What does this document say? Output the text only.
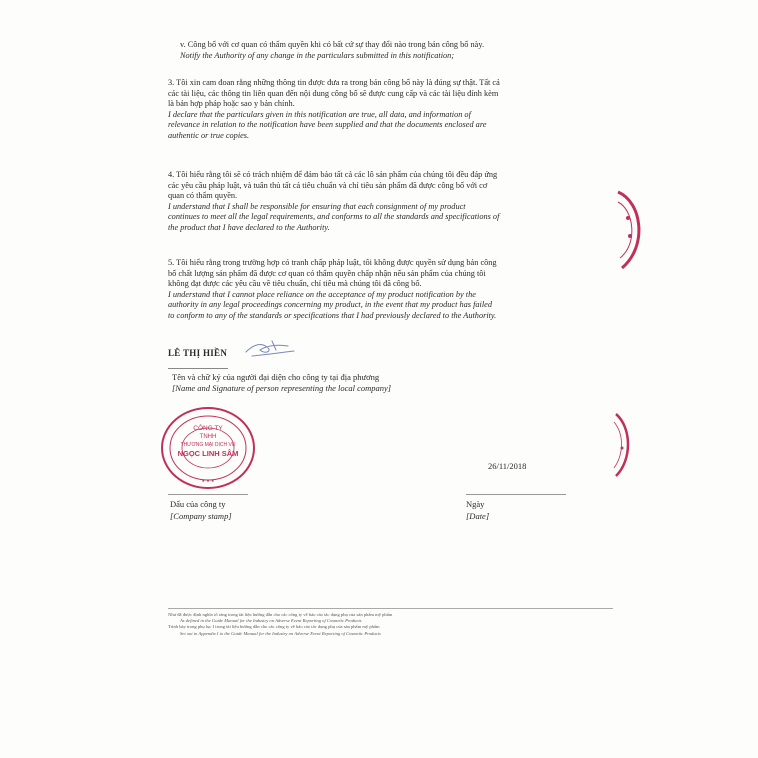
v. Công bố với cơ quan có thẩm quyền khi có bất cứ sự thay đổi nào trong bản công bố này.
Notify the Authority of any change in the particulars submitted in this notification;
3. Tôi xin cam đoan rằng những thông tin được đưa ra trong bản công bố này là đúng sự thật. Tất cả
các tài liệu, các thông tin liên quan đến nội dung công bố sẽ được cung cấp và các tài liệu đính kèm
là bản hợp pháp hoặc sao y bản chính.
I declare that the particulars given in this notification are true, all data, and information of
relevance in relation to the notification have been supplied and that the documents enclosed are
authentic or true copies.
4. Tôi hiểu rằng tôi sẽ có trách nhiệm để đảm bảo tất cả các lô sản phẩm của chúng tôi đều đáp ứng
các yêu cầu pháp luật, và tuân thủ tất cả tiêu chuẩn và chỉ tiêu sản phẩm đã được công bố với cơ
quan có thẩm quyền.
I understand that I shall be responsible for ensuring that each consignment of my product
continues to meet all the legal requirements, and conforms to all the standards and specifications of
the product that I have declared to the Authority.
5. Tôi hiểu rằng trong trường hợp có tranh chấp pháp luật, tôi không được quyền sử dụng bản công
bố chất lượng sản phẩm đã được cơ quan có thẩm quyền chấp nhận nếu sản phẩm của chúng tôi
không đạt được các yêu cầu về tiêu chuẩn, chỉ tiêu mà chúng tôi đã công bố.
I understand that I cannot place reliance on the acceptance of my product notification by the
authority in any legal proceedings concerning my product, in the event that my product has failed
to conform to any of the standards or specifications that I had previously declared to the Authority.
LÊ THỊ HIỀN
Tên và chữ ký của người đại diện cho công ty tại địa phương
[Name and Signature of person representing the local company]
CÔNG TY
TNHH
THƯƠNG MẠI DỊCH VỤ
NGỌC LINH SÂM
★ ★ ★
26/11/2018
Dấu của công ty
[Company stamp]
Ngày
[Date]
Như đã được định nghĩa rõ ràng trong tài liệu hướng dẫn cho các công ty về báo cáo tác dụng phụ của sản phẩm mỹ phẩm
As defined in the Guide Manual for the Industry on Adverse Event Reporting of Cosmetic Products
Trình bày trong phụ lục I trong tài liệu hướng dẫn cho các công ty về báo cáo tác dụng phụ của sản phẩm mỹ phẩm
Set out in Appendix I to the Guide Manual for the Industry on Adverse Event Reporting of Cosmetic Products
